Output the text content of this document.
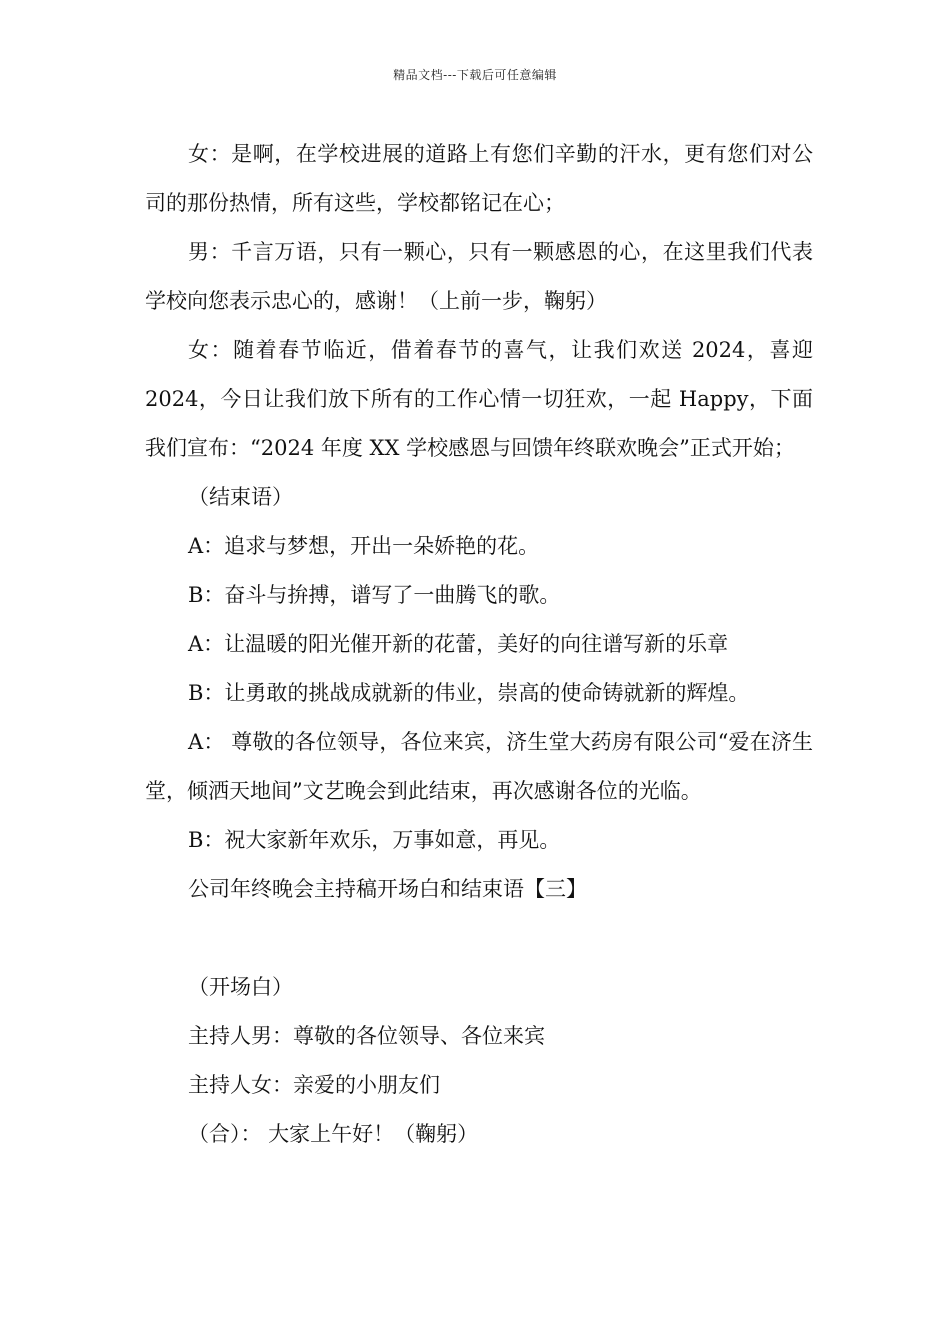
精品文档---下载后可任意编辑

女：是啊，在学校进展的道路上有您们辛勤的汗水，更有您们对公司的那份热情，所有这些，学校都铭记在心；

男：千言万语，只有一颗心，只有一颗感恩的心，在这里我们代表学校向您表示忠心的，感谢！（上前一步，鞠躬）

女：随着春节临近，借着春节的喜气，让我们欢送 2024，喜迎 2024，今日让我们放下所有的工作心情一切狂欢，一起 Happy，下面我们宣布：“2024 年度 XX 学校感恩与回馈年终联欢晚会”正式开始；

（结束语）

A：追求与梦想，开出一朵娇艳的花。

B：奋斗与拚搏，谱写了一曲腾飞的歌。

A：让温暖的阳光催开新的花蕾，美好的向往谱写新的乐章

B：让勇敢的挑战成就新的伟业，崇高的使命铸就新的辉煌。

A： 尊敬的各位领导，各位来宾，济生堂大药房有限公司“爱在济生堂，倾洒天地间”文艺晚会到此结束，再次感谢各位的光临。

B：祝大家新年欢乐，万事如意，再见。

公司年终晚会主持稿开场白和结束语【三】

（开场白）

主持人男：尊敬的各位领导、各位来宾

主持人女：亲爱的小朋友们

（合）： 大家上午好！（鞠躬）
